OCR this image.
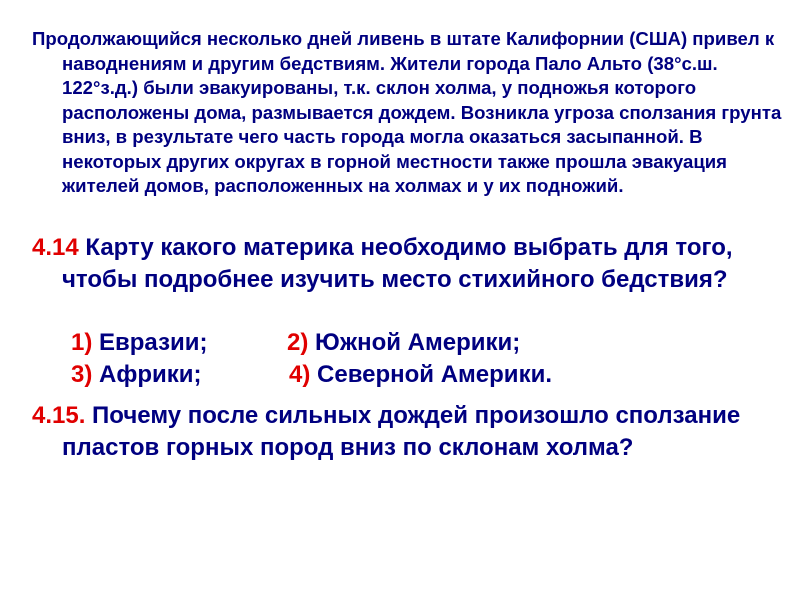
Продолжающийся несколько дней ливень в штате Калифорнии (США) привел к наводнениям и другим бедствиям. Жители города Пало Альто (38°с.ш. 122°з.д.) были эвакуированы, т.к. склон холма, у подножья которого расположены дома, размывается дождем. Возникла угроза сползания грунта вниз, в результате чего часть города могла оказаться засыпанной. В некоторых других округах в горной местности также прошла эвакуация жителей домов, расположенных на холмах и у их подножий.

4.14 Карту какого материка необходимо выбрать для того, чтобы подробнее изучить место стихийного бедствия?

1) Евразии;	2) Южной Америки;
3) Африки;	4) Северной Америки.

4.15. Почему после сильных дождей произошло сползание пластов горных пород вниз по склонам холма?
